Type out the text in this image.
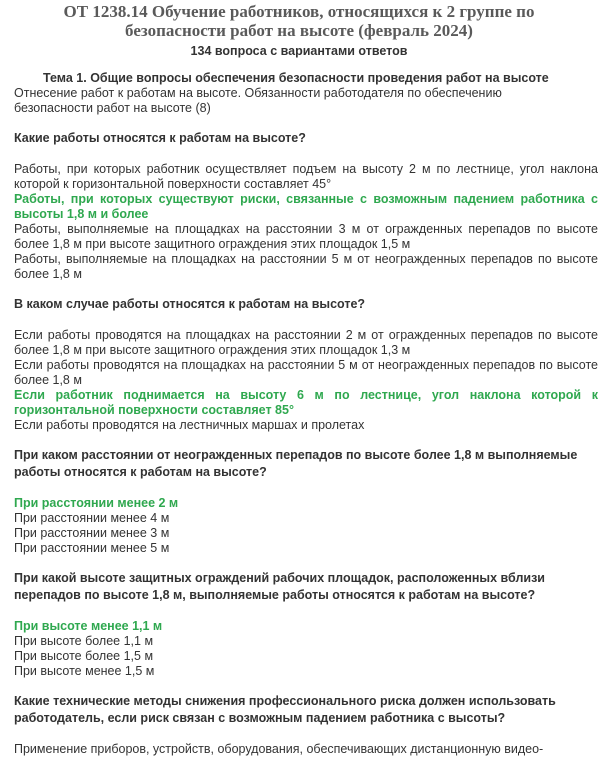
ОТ 1238.14 Обучение работников, относящихся к 2 группе по
безопасности работ на высоте (февраль 2024)
134 вопроса с вариантами ответов
Тема 1. Общие вопросы обеспечения безопасности проведения работ на высоте
Отнесение работ к работам на высоте. Обязанности работодателя по обеспечению
безопасности работ на высоте (8)
Какие работы относятся к работам на высоте?
Работы, при которых работник осуществляет подъем на высоту 2 м по лестнице, угол наклона
которой к горизонтальной поверхности составляет 45°
Работы, при которых существуют риски, связанные с возможным падением работника с
высоты 1,8 м и более
Работы, выполняемые на площадках на расстоянии 3 м от огражденных перепадов по высоте
более 1,8 м при высоте защитного ограждения этих площадок 1,5 м
Работы, выполняемые на площадках на расстоянии 5 м от неогражденных перепадов по высоте
более 1,8 м
В каком случае работы относятся к работам на высоте?
Если работы проводятся на площадках на расстоянии 2 м от огражденных перепадов по высоте
более 1,8 м при высоте защитного ограждения этих площадок 1,3 м
Если работы проводятся на площадках на расстоянии 5 м от неогражденных перепадов по высоте
более 1,8 м
Если работник поднимается на высоту 6 м по лестнице, угол наклона которой к
горизонтальной поверхности составляет 85°
Если работы проводятся на лестничных маршах и пролетах
При каком расстоянии от неогражденных перепадов по высоте более 1,8 м выполняемые
работы относятся к работам на высоте?
При расстоянии менее 2 м
При расстоянии менее 4 м
При расстоянии менее 3 м
При расстоянии менее 5 м
При какой высоте защитных ограждений рабочих площадок, расположенных вблизи
перепадов по высоте 1,8 м, выполняемые работы относятся к работам на высоте?
При высоте менее 1,1 м
При высоте более 1,1 м
При высоте более 1,5 м
При высоте менее 1,5 м
Какие технические методы снижения профессионального риска должен использовать
работодатель, если риск связан с возможным падением работника с высоты?
Применение приборов, устройств, оборудования, обеспечивающих дистанционную видео-
